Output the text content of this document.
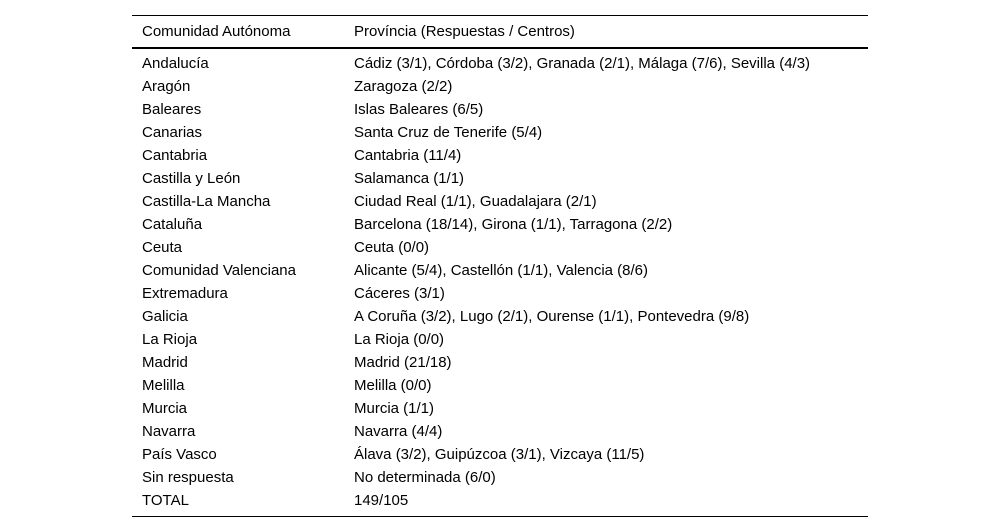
Comunidad Autónoma	Província (Respuestas / Centros)
Andalucía	Cádiz (3/1), Córdoba (3/2), Granada (2/1), Málaga (7/6), Sevilla (4/3)
Aragón	Zaragoza (2/2)
Baleares	Islas Baleares (6/5)
Canarias	Santa Cruz de Tenerife (5/4)
Cantabria	Cantabria (11/4)
Castilla y León	Salamanca (1/1)
Castilla-La Mancha	Ciudad Real (1/1), Guadalajara (2/1)
Cataluña	Barcelona (18/14), Girona (1/1), Tarragona (2/2)
Ceuta	Ceuta (0/0)
Comunidad Valenciana	Alicante (5/4), Castellón (1/1), Valencia (8/6)
Extremadura	Cáceres (3/1)
Galicia	A Coruña (3/2), Lugo (2/1), Ourense (1/1), Pontevedra (9/8)
La Rioja	La Rioja (0/0)
Madrid	Madrid (21/18)
Melilla	Melilla (0/0)
Murcia	Murcia (1/1)
Navarra	Navarra (4/4)
País Vasco	Álava (3/2), Guipúzcoa (3/1), Vizcaya (11/5)
Sin respuesta	No determinada (6/0)
TOTAL	149/105
